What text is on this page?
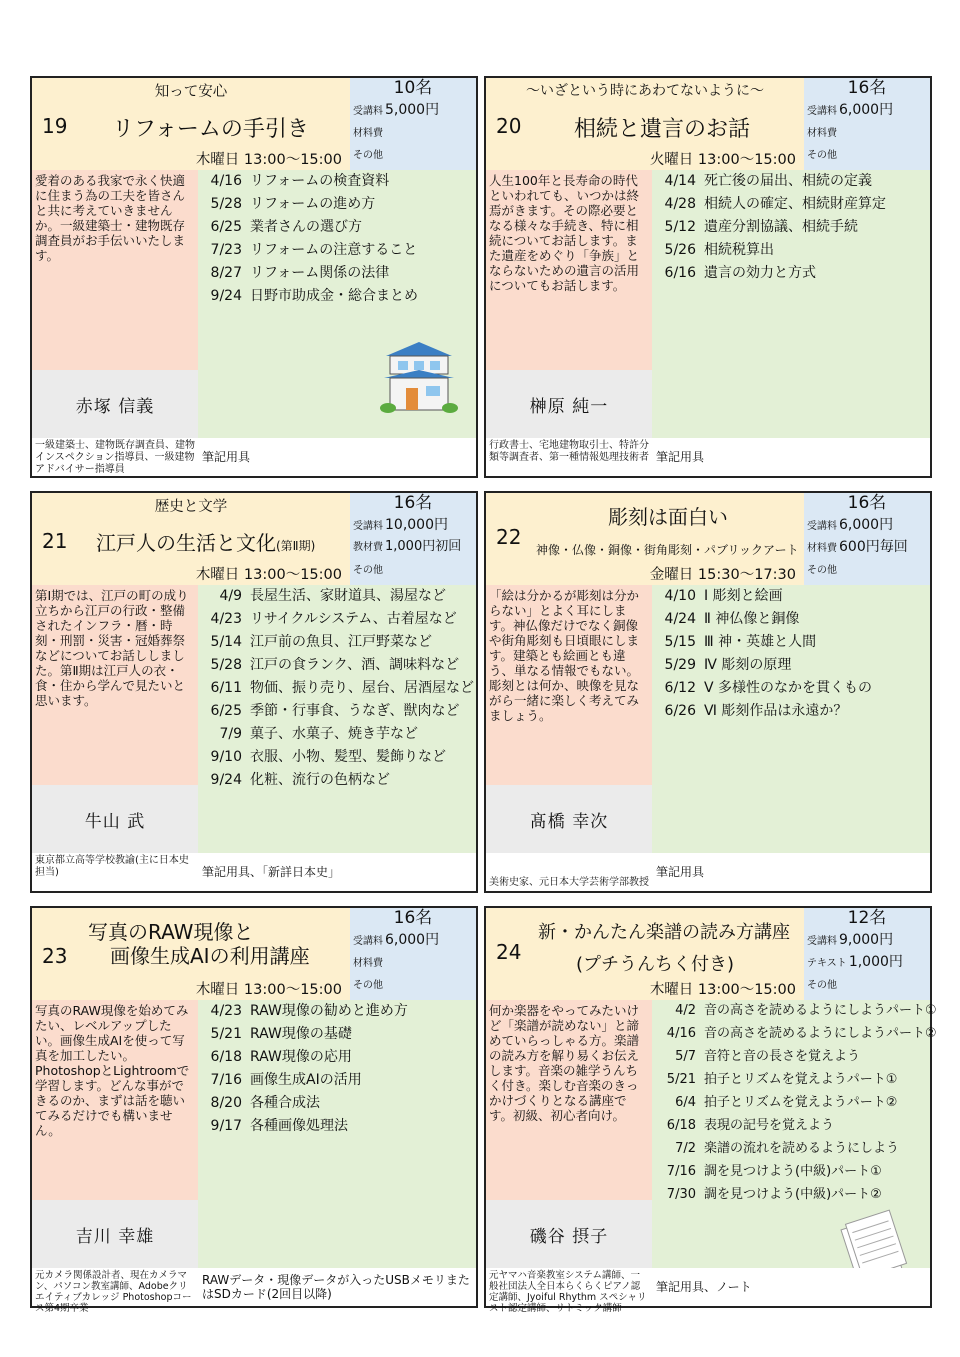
知って安心
19 リフォームの手引き
木曜日 13:00～15:00
10名
受講料 5,000円
材料費
その他
愛着のある我家で永く快適に住まう為の工夫を皆さんと共に考えていきませんか。一級建築士・建物既存調査員がお手伝いいたします。
4/16 リフォームの検査資料
5/28 リフォームの進め方
6/25 業者さんの選び方
7/23 リフォームの注意すること
8/27 リフォーム関係の法律
9/24 日野市助成金・総合まとめ
赤塚 信義
一級建築士、建物既存調査員、建物インスペクション指導員、一級建物アドバイサー指導員
筆記用具
～いざという時にあわてないように～
20 相続と遺言のお話
火曜日 13:00～15:00
16名
受講料 6,000円
材料費
その他
人生100年と長寿命の時代といわれても、いつかは終焉がきます。その際必要となる様々な手続き、特に相続についてお話します。また遺産をめぐり「争族」とならないための遺言の活用についてもお話します。
4/14 死亡後の届出、相続の定義
4/28 相続人の確定、相続財産算定
5/12 遺産分割協議、相続手続
5/26 相続税算出
6/16 遺言の効力と方式
榊原 純一
行政書士、宅地建物取引士、特許分類等調査者、第一種情報処理技術者 筆記用具
歴史と文学
21 江戸人の生活と文化(第Ⅱ期)
木曜日 13:00～15:00
16名
受講料 10,000円
教材費 1,000円初回
その他
第Ⅰ期では、江戸の町の成り立ちから江戸の行政・整備されたインフラ・暦・時刻・刑罰・災害・冠婚葬祭などについてお話ししました。第Ⅱ期は江戸人の衣・食・住から学んで見たいと思います。
4/9 長屋生活、家財道具、湯屋など
4/23 リサイクルシステム、古着屋など
5/14 江戸前の魚貝、江戸野菜など
5/28 江戸の食ランク、酒、調味料など
6/11 物価、振り売り、屋台、居酒屋など
6/25 季節・行事食、うなぎ、獣肉など
7/9 菓子、水菓子、焼き芋など
9/10 衣服、小物、髪型、髪飾りなど
9/24 化粧、流行の色柄など
牛山 武
東京都立高等学校教諭(主に日本史担当)	筆記用具、「新詳日本史」
彫刻は面白い
22
神像・仏像・銅像・街角彫刻・パブリックアート
金曜日 15:30～17:30
16名
受講料 6,000円
材料費 600円毎回
その他
「絵は分かるが彫刻は分からない」とよく耳にします。神仏像だけでなく銅像や街角彫刻も日頃眼にします。建築とも絵画とも違う、単なる情報でもない。彫刻とは何か、映像を見ながら一緒に楽しく考えてみましょう。
4/10 Ⅰ 彫刻と絵画
4/24 Ⅱ 神仏像と銅像
5/15 Ⅲ 神・英雄と人間
5/29 Ⅳ 彫刻の原理
6/12 Ⅴ 多様性のなかを貫くもの
6/26 Ⅵ 彫刻作品は永遠か？
髙橋 幸次
美術史家、元日本大学芸術学部教授
筆記用具
写真のRAW現像と
画像生成AIの利用講座
23
木曜日 13:00～15:00
16名
受講料 6,000円
材料費
その他
写真のRAW現像を始めてみたい、レベルアップしたい。画像生成AIを使って写真を加工したい。PhotoshopとLightroomで学習します。どんな事ができるのか、まずは話を聴いてみるだけでも構いません。
4/23 RAW現像の勧めと進め方
5/21 RAW現像の基礎
6/18 RAW現像の応用
7/16 画像生成AIの活用
8/20 各種合成法
9/17 各種画像処理法
吉川 幸雄
元カメラ関係設計者、現在カメラマン、パソコン教室講師、Adobeクリエイティブカレッジ Photoshopコース第4期卒業
RAWデータ・現像データが入ったUSBメモリまたはSDカード(2回目以降)
新・かんたん楽譜の読み方講座
(プチうんちく付き)
24
木曜日 13:00～15:00
12名
受講料 9,000円
テキスト 1,000円
その他
何か楽器をやってみたいけど「楽譜が読めない」と諦めていらっしゃる方。楽譜の読み方を解り易くお伝えします。音楽の雑学うんちく付き。楽しむ音楽のきっかけづくりとなる講座です。初級、初心者向け。
4/2 音の高さを読めるようにしようパート①
4/16 音の高さを読めるようにしようパート②
5/7 音符と音の長さを覚えよう
5/21 拍子とリズムを覚えようパート①
6/4 拍子とリズムを覚えようパート②
6/18 表現の記号を覚えよう
7/2 楽譜の流れを読めるようにしよう
7/16 調を見つけよう(中級)パート①
7/30 調を見つけよう(中級)パート②
磯谷 摂子
元ヤマハ音楽教室システム講師、一般社団法人全日本らくらくピアノ認定講師、Jyoiful Rhythm スペシャリスト認定講師、リトミック講師
筆記用具、ノート
